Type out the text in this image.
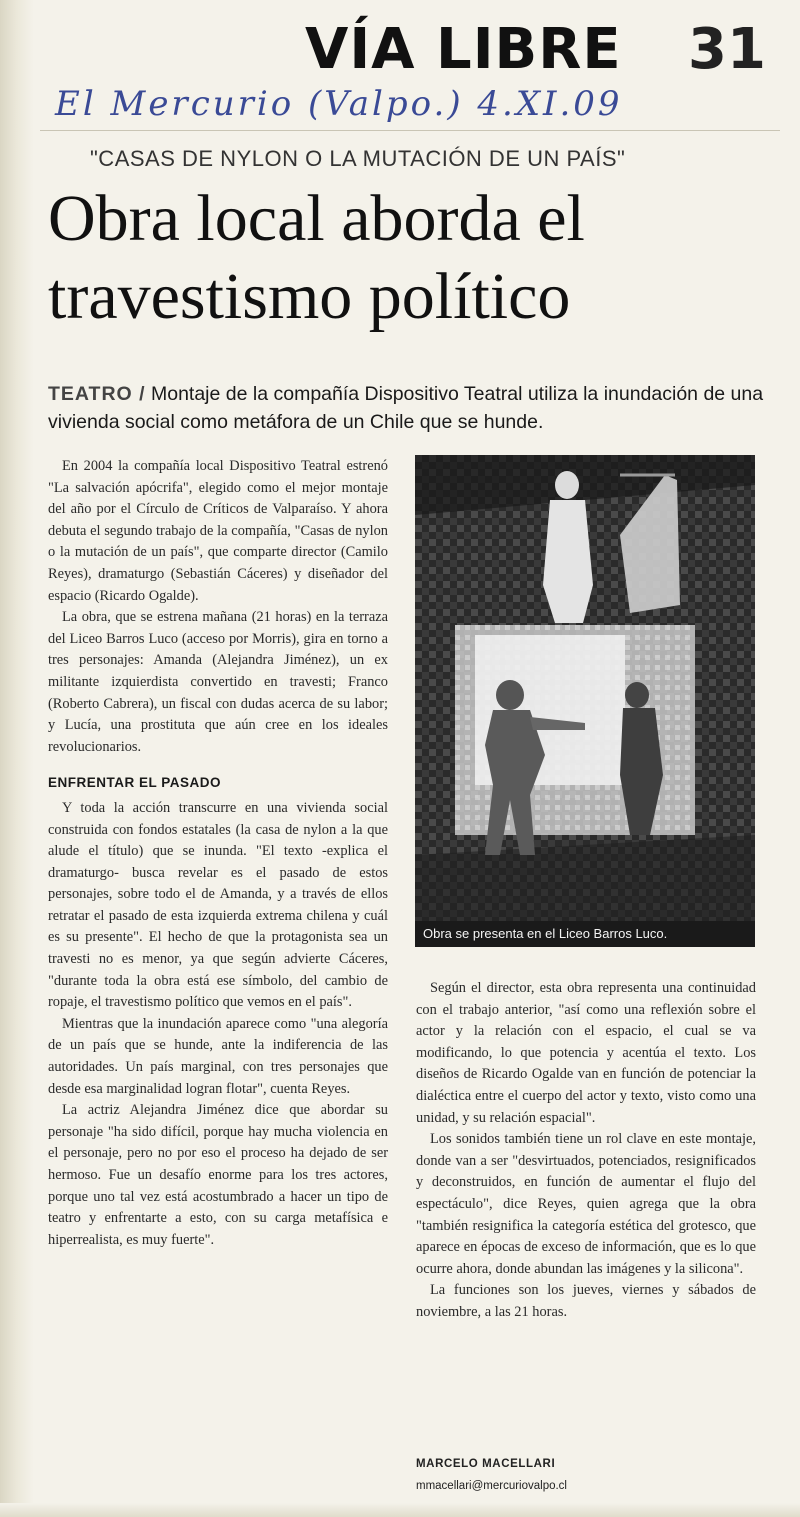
VÍA LIBRE 31
El Mercurio (Valpo.) 4.XI.09
"CASAS DE NYLON O LA MUTACIÓN DE UN PAÍS"
Obra local aborda el travestismo político
TEATRO / Montaje de la compañía Dispositivo Teatral utiliza la inundación de una vivienda social como metáfora de un Chile que se hunde.

En 2004 la compañía local Dispositivo Teatral estrenó "La salvación apócrifa", elegido como el mejor montaje del año por el Círculo de Críticos de Valparaíso. Y ahora debuta el segundo trabajo de la compañía, "Casas de nylon o la mutación de un país", que comparte director (Camilo Reyes), dramaturgo (Sebastián Cáceres) y diseñador del espacio (Ricardo Ogalde).

La obra, que se estrena mañana (21 horas) en la terraza del Liceo Barros Luco (acceso por Morris), gira en torno a tres personajes: Amanda (Alejandra Jiménez), un ex militante izquierdista convertido en travesti; Franco (Roberto Cabrera), un fiscal con dudas acerca de su labor; y Lucía, una prostituta que aún cree en los ideales revolucionarios.

ENFRENTAR EL PASADO

Y toda la acción transcurre en una vivienda social construida con fondos estatales (la casa de nylon a la que alude el título) que se inunda. "El texto -explica el dramaturgo- busca revelar es el pasado de estos personajes, sobre todo el de Amanda, y a través de ellos retratar el pasado de esta izquierda extrema chilena y cuál es su presente". El hecho de que la protagonista sea un travesti no es menor, ya que según advierte Cáceres, "durante toda la obra está ese símbolo, del cambio de ropaje, el travestismo político que vemos en el país".

Mientras que la inundación aparece como "una alegoría de un país que se hunde, ante la indiferencia de las autoridades. Un país marginal, con tres personajes que desde esa marginalidad logran flotar", cuenta Reyes.

La actriz Alejandra Jiménez dice que abordar su personaje "ha sido difícil, porque hay mucha violencia en el personaje, pero no por eso el proceso ha dejado de ser hermoso. Fue un desafío enorme para los tres actores, porque uno tal vez está acostumbrado a hacer un tipo de teatro y enfrentarte a esto, con su carga metafísica e hiperrealista, es muy fuerte".

Obra se presenta en el Liceo Barros Luco.

Según el director, esta obra representa una continuidad con el trabajo anterior, "así como una reflexión sobre el actor y la relación con el espacio, el cual se va modificando, lo que potencia y acentúa el texto. Los diseños de Ricardo Ogalde van en función de potenciar la dialéctica entre el cuerpo del actor y texto, visto como una unidad, y su relación espacial".

Los sonidos también tiene un rol clave en este montaje, donde van a ser "desvirtuados, potenciados, resignificados y deconstruidos, en función de aumentar el flujo del espectáculo", dice Reyes, quien agrega que la obra "también resignifica la categoría estética del grotesco, que aparece en épocas de exceso de información, que es lo que ocurre ahora, donde abundan las imágenes y la silicona".

La funciones son los jueves, viernes y sábados de noviembre, a las 21 horas.

MARCELO MACELLARI
mmacellari@mercuriovalpo.cl
